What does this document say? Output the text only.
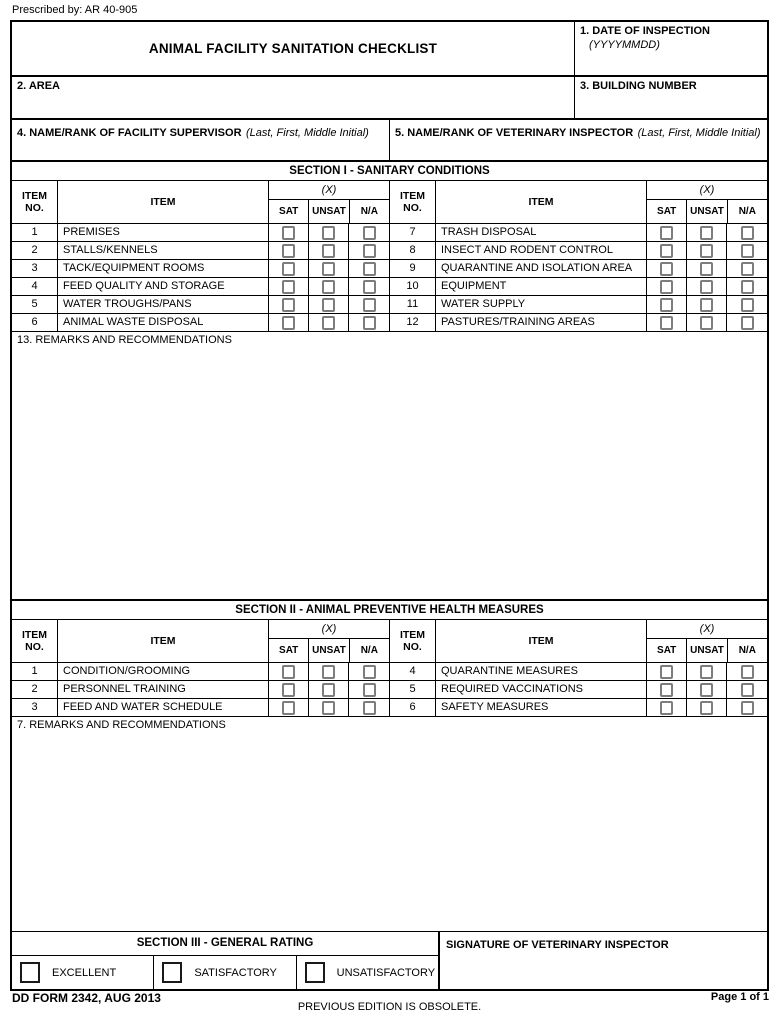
Prescribed by: AR 40-905
ANIMAL FACILITY SANITATION CHECKLIST
1. DATE OF INSPECTION
(YYYYMMDD)
2. AREA	3. BUILDING NUMBER
4. NAME/RANK OF FACILITY SUPERVISOR (Last, First, Middle Initial)	5. NAME/RANK OF VETERINARY INSPECTOR (Last, First, Middle Initial)
SECTION I - SANITARY CONDITIONS
ITEM
NO.
ITEM
(X)
SAT	UNSAT	N/A
1	PREMISES
2	STALLS/KENNELS
3	TACK/EQUIPMENT ROOMS
4	FEED QUALITY AND STORAGE
5	WATER TROUGHS/PANS
6	ANIMAL WASTE DISPOSAL
ITEM
NO.
ITEM
(X)
SAT	UNSAT	N/A
7	TRASH DISPOSAL
8	INSECT AND RODENT CONTROL
9	QUARANTINE AND ISOLATION AREA
10	EQUIPMENT
11	WATER SUPPLY
12	PASTURES/TRAINING AREAS
13. REMARKS AND RECOMMENDATIONS
SECTION II - ANIMAL PREVENTIVE HEALTH MEASURES
ITEM
NO.
ITEM
(X)
SAT	UNSAT	N/A
1	CONDITION/GROOMING
2	PERSONNEL TRAINING
3	FEED AND WATER SCHEDULE
ITEM
NO.
ITEM
(X)
SAT	UNSAT	N/A
4	QUARANTINE MEASURES
5	REQUIRED VACCINATIONS
6	SAFETY MEASURES
7. REMARKS AND RECOMMENDATIONS
SECTION III - GENERAL RATING
EXCELLENT	SATISFACTORY	UNSATISFACTORY
SIGNATURE OF VETERINARY INSPECTOR
DD FORM 2342, AUG 2013
PREVIOUS EDITION IS OBSOLETE.
Page 1 of 1
